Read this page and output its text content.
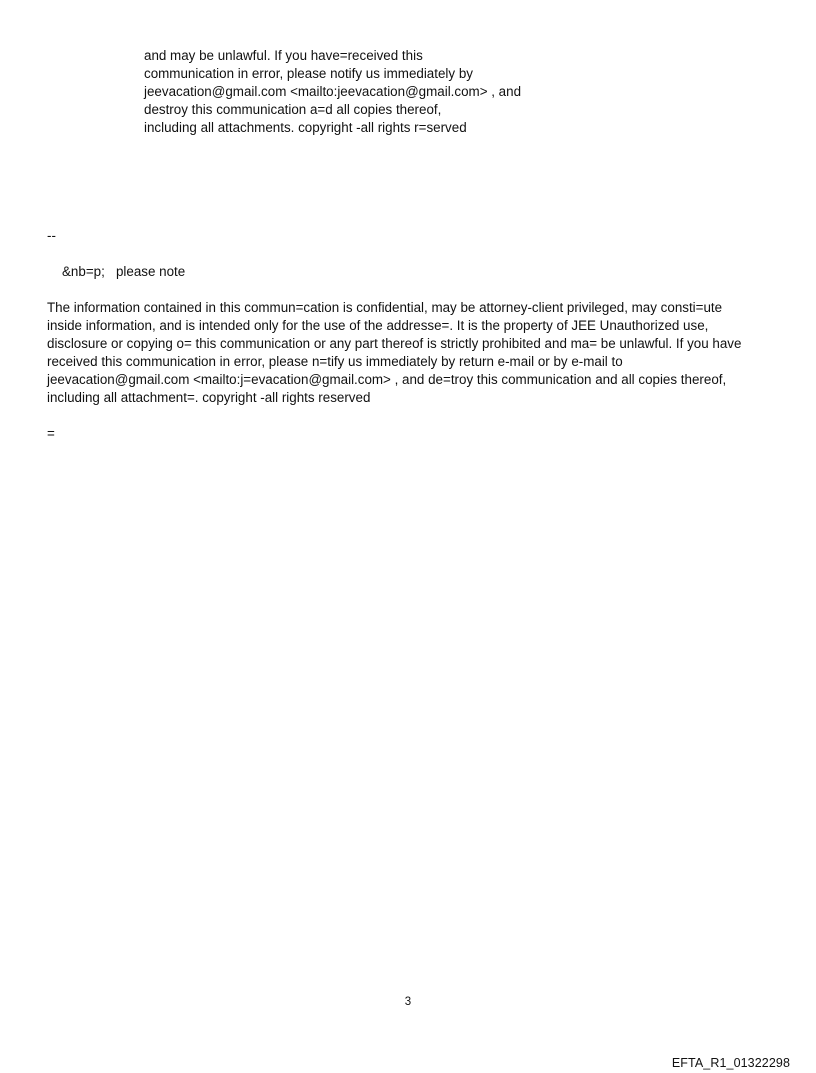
and may be unlawful. If you have=received this
communication in error, please notify us immediately by
jeevacation@gmail.com <mailto:jeevacation@gmail.com> , and
destroy this communication a=d all copies thereof,
including all attachments. copyright -all rights r=served
--
&nb=p;   please note
The information contained in this commun=cation is confidential, may be attorney-client privileged, may consti=ute
inside information, and is intended only for the use of the addresse=. It is the property of JEE Unauthorized use,
disclosure or copying o= this communication or any part thereof is strictly prohibited and ma= be unlawful. If you have
received this communication in error, please n=tify us immediately by return e-mail or by e-mail to
jeevacation@gmail.com <mailto:j=evacation@gmail.com> , and de=troy this communication and all copies thereof,
including all attachment=. copyright -all rights reserved
=
3
EFTA_R1_01322298
